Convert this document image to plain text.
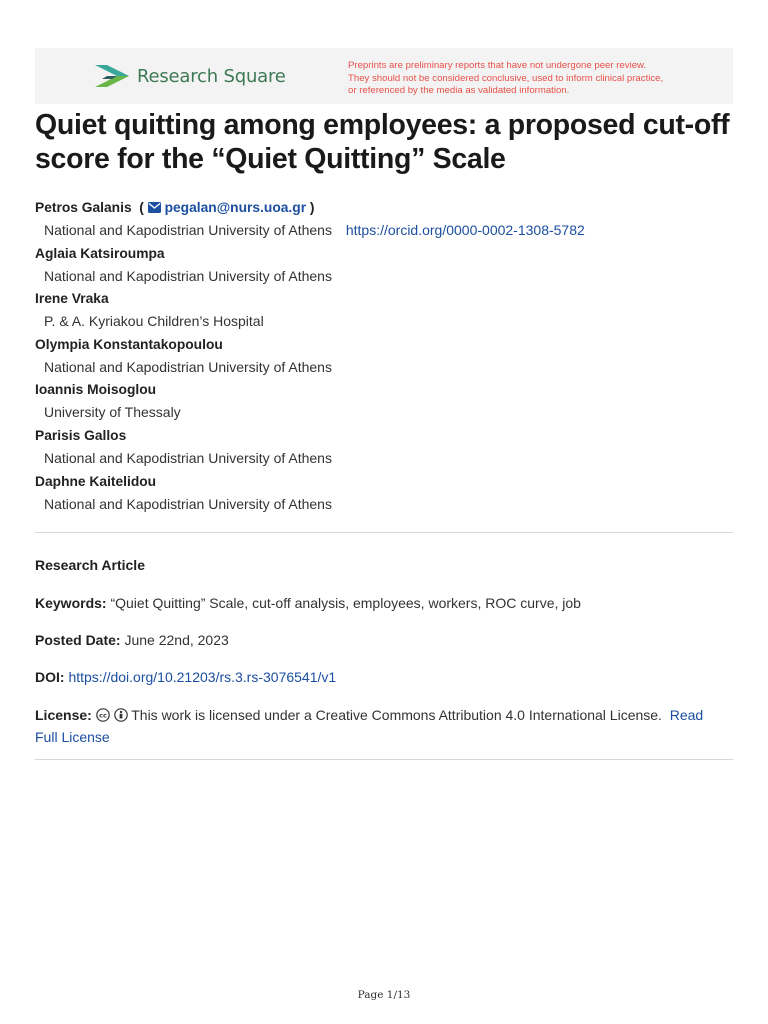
Research Square	Preprints are preliminary reports that have not undergone peer review.
They should not be considered conclusive, used to inform clinical practice,
or referenced by the media as validated information.
Quiet quitting among employees: a proposed cut-off score for the “Quiet Quitting” Scale
Petros Galanis  (  pegalan@nurs.uoa.gr )
National and Kapodistrian University of Athens https://orcid.org/0000-0002-1308-5782
Aglaia Katsiroumpa
National and Kapodistrian University of Athens
Irene Vraka
P. & A. Kyriakou Children’s Hospital
Olympia Konstantakopoulou
National and Kapodistrian University of Athens
Ioannis Moisoglou
University of Thessaly
Parisis Gallos
National and Kapodistrian University of Athens
Daphne Kaitelidou
National and Kapodistrian University of Athens
Research Article
Keywords: “Quiet Quitting” Scale, cut-off analysis, employees, workers, ROC curve, job
Posted Date: June 22nd, 2023
DOI: https://doi.org/10.21203/rs.3.rs-3076541/v1
License: cc This work is licensed under a Creative Commons Attribution 4.0 International License. Read
Full License
Page 1/13
